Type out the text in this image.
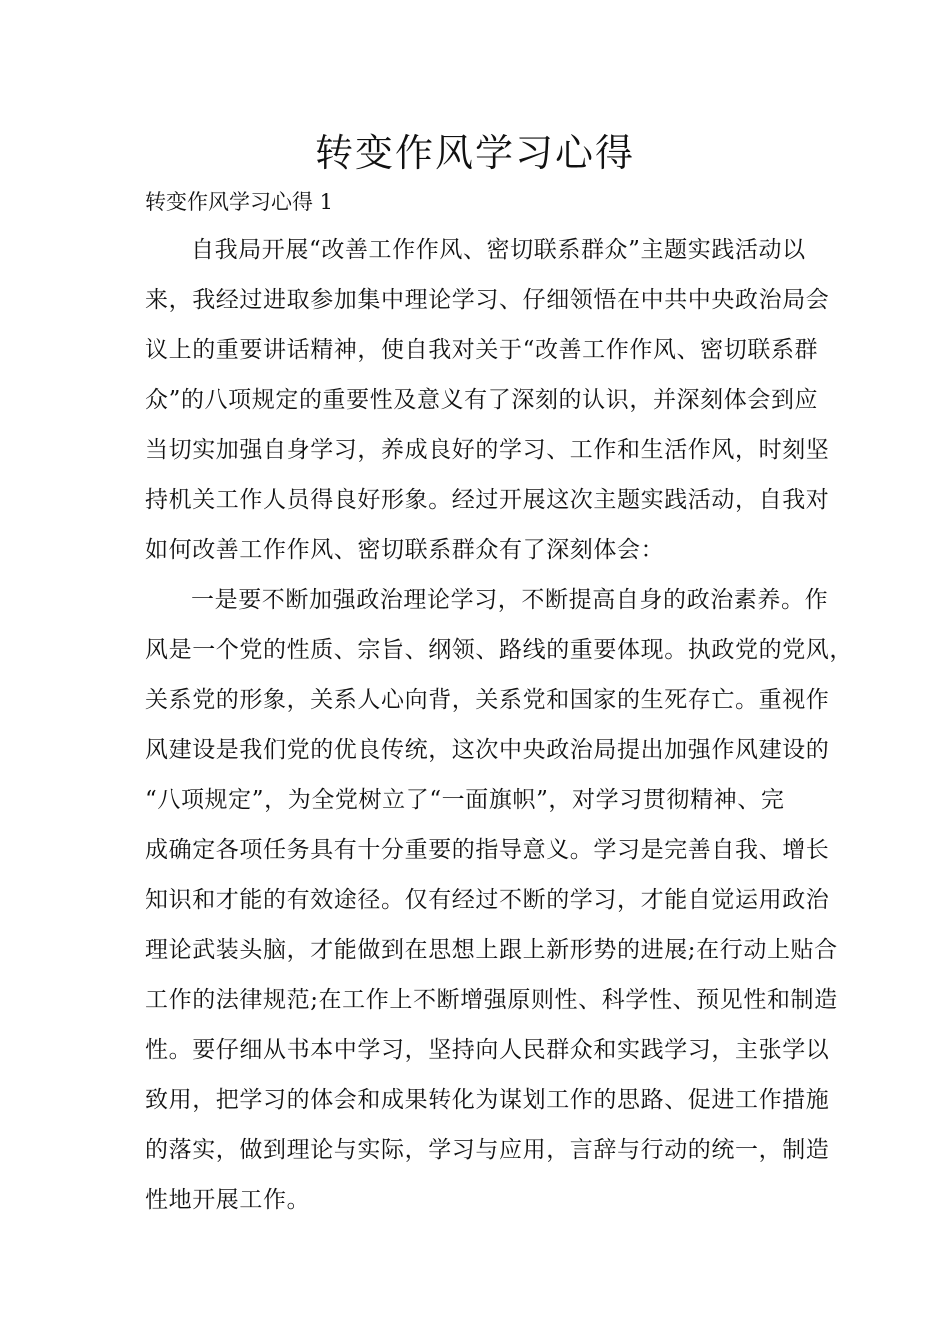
转变作风学习心得

转变作风学习心得 1

自我局开展“改善工作作风、密切联系群众”主题实践活动以
来，我经过进取参加集中理论学习、仔细领悟在中共中央政治局会
议上的重要讲话精神，使自我对关于“改善工作作风、密切联系群
众”的八项规定的重要性及意义有了深刻的认识，并深刻体会到应
当切实加强自身学习，养成良好的学习、工作和生活作风，时刻坚
持机关工作人员得良好形象。经过开展这次主题实践活动，自我对
如何改善工作作风、密切联系群众有了深刻体会：
一是要不断加强政治理论学习，不断提高自身的政治素养。作
风是一个党的性质、宗旨、纲领、路线的重要体现。执政党的党风，
关系党的形象，关系人心向背，关系党和国家的生死存亡。重视作
风建设是我们党的优良传统，这次中央政治局提出加强作风建设的
“八项规定”，为全党树立了“一面旗帜”，对学习贯彻精神、完
成确定各项任务具有十分重要的指导意义。学习是完善自我、增长
知识和才能的有效途径。仅有经过不断的学习，才能自觉运用政治
理论武装头脑，才能做到在思想上跟上新形势的进展;在行动上贴合
工作的法律规范;在工作上不断增强原则性、科学性、预见性和制造
性。要仔细从书本中学习，坚持向人民群众和实践学习，主张学以
致用，把学习的体会和成果转化为谋划工作的思路、促进工作措施
的落实，做到理论与实际，学习与应用，言辞与行动的统一，制造
性地开展工作。
